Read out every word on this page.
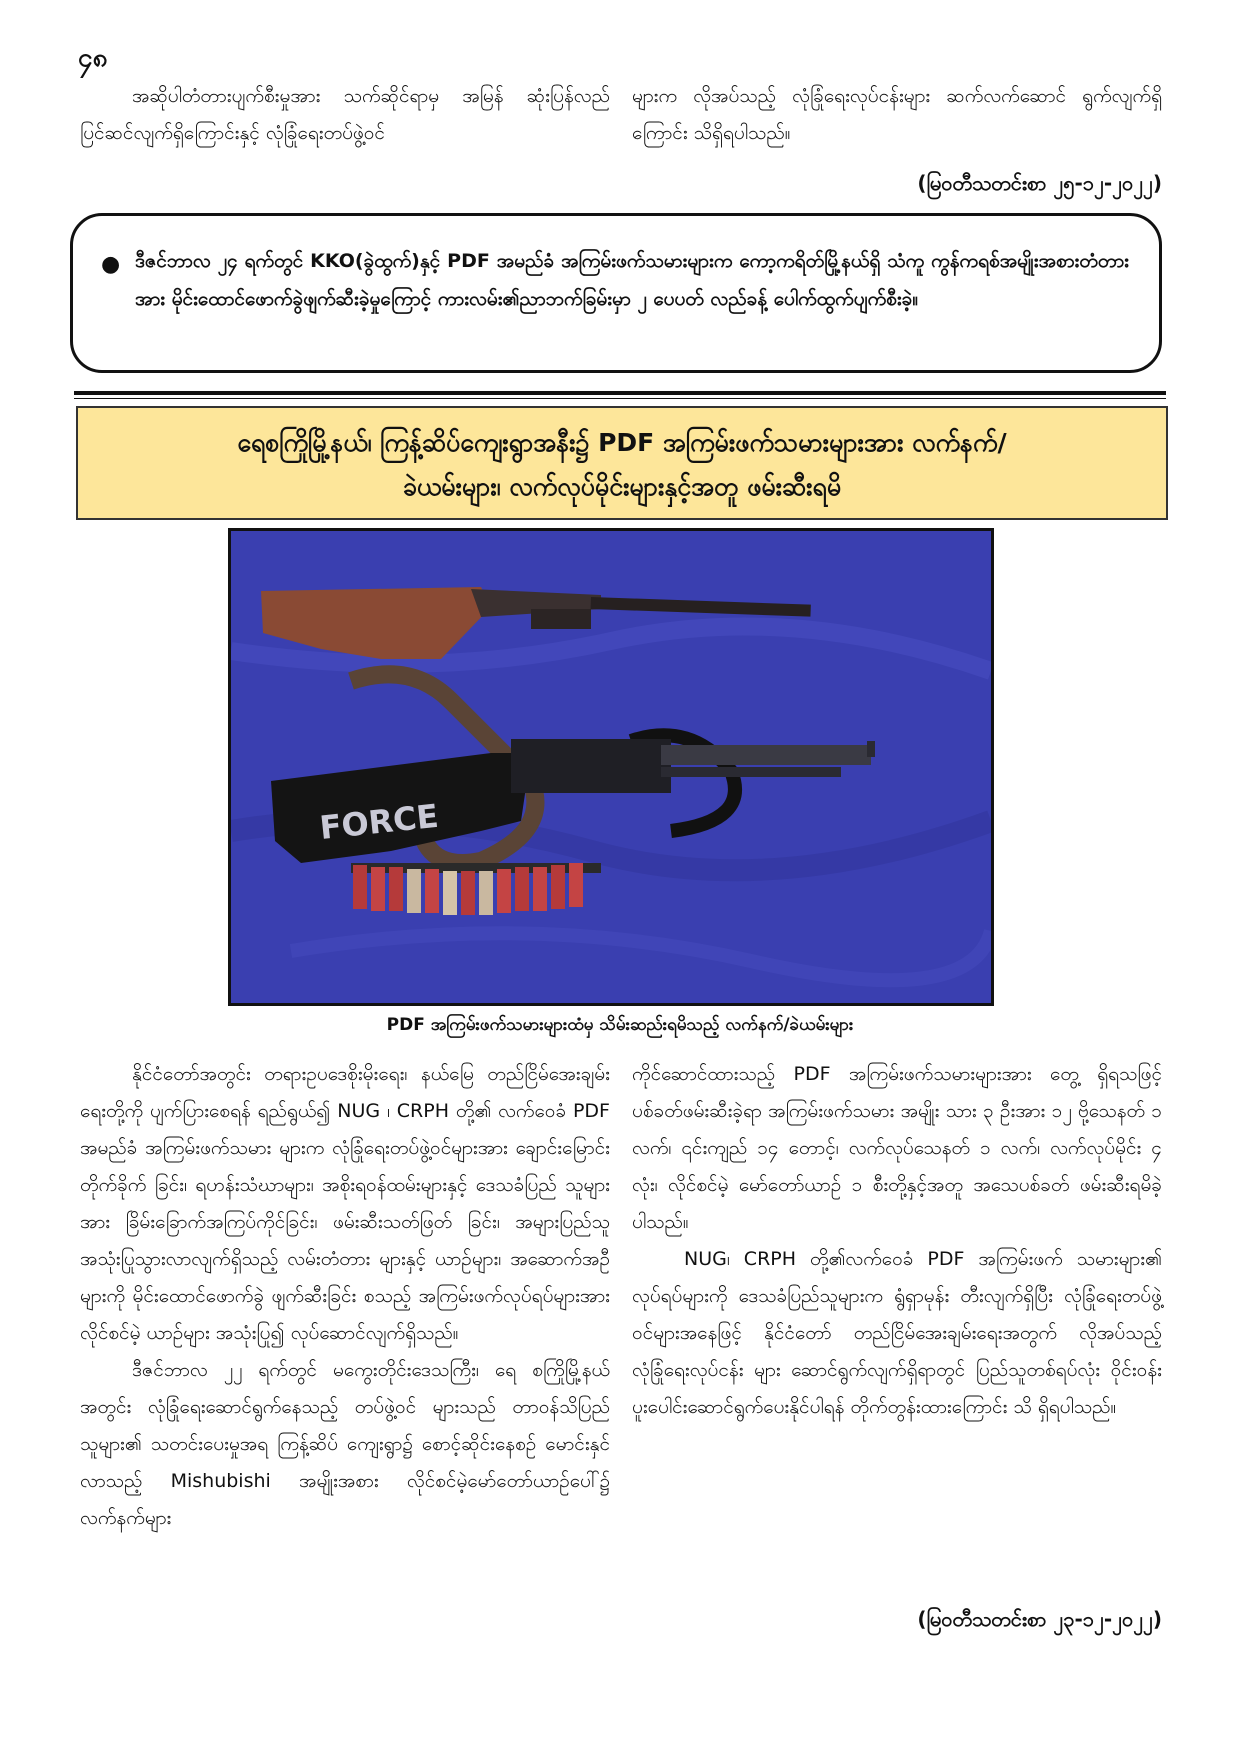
၄၈

အဆိုပါတံတားပျက်စီးမှုအား သက်ဆိုင်ရာမှ အမြန် ဆုံးပြန်လည်ပြင်ဆင်လျက်ရှိကြောင်းနှင့် လုံခြုံရေးတပ်ဖွဲ့ဝင်

များက လိုအပ်သည့် လုံခြုံရေးလုပ်ငန်းများ ဆက်လက်ဆောင် ရွက်လျက်ရှိကြောင်း သိရှိရပါသည်။

(မြဝတီသတင်းစာ ၂၅-၁၂-၂၀၂၂)
● ဒီဇင်ဘာလ ၂၄ ရက်တွင် KKO(ခွဲထွက်)နှင့် PDF အမည်ခံ အကြမ်းဖက်သမားများက ကော့ကရိတ်မြို့နယ်ရှိ သံကူ ကွန်ကရစ်အမျိုးအစားတံတားအား မိုင်းထောင်ဖောက်ခွဲဖျက်ဆီးခဲ့မှုကြောင့် ကားလမ်း၏ညာဘက်ခြမ်းမှာ ၂ ပေပတ် လည်ခန့် ပေါက်ထွက်ပျက်စီးခဲ့။
ရေစကြိုမြို့နယ်၊ ကြန့်ဆိပ်ကျေးရွာအနီး၌ PDF အကြမ်းဖက်သမားများအား လက်နက်/
ခဲယမ်းများ၊ လက်လုပ်မိုင်းများနှင့်အတူ ဖမ်းဆီးရမိ
FORCE
PDF အကြမ်းဖက်သမားများထံမှ သိမ်းဆည်းရမိသည့် လက်နက်/ခဲယမ်းများ

နိုင်ငံတော်အတွင်း တရားဥပဒေစိုးမိုးရေး၊ နယ်မြေ တည်ငြိမ်အေးချမ်းရေးတို့ကို ပျက်ပြားစေရန် ရည်ရွယ်၍ NUG ၊ CRPH တို့၏ လက်ဝေခံ PDF အမည်ခံ အကြမ်းဖက်သမား များက လုံခြုံရေးတပ်ဖွဲ့ဝင်များအား ချောင်းမြောင်းတိုက်ခိုက် ခြင်း၊ ရဟန်းသံဃာများ၊ အစိုးရဝန်ထမ်းများနှင့် ဒေသခံပြည် သူများအား ခြိမ်းခြောက်အကြပ်ကိုင်ခြင်း၊ ဖမ်းဆီးသတ်ဖြတ် ခြင်း၊ အများပြည်သူအသုံးပြုသွားလာလျက်ရှိသည့် လမ်းတံတား များနှင့် ယာဉ်များ၊ အဆောက်အဦများကို မိုင်းထောင်ဖောက်ခွဲ ဖျက်ဆီးခြင်း စသည့် အကြမ်းဖက်လုပ်ရပ်များအား လိုင်စင်မဲ့ ယာဉ်များ အသုံးပြု၍ လုပ်ဆောင်လျက်ရှိသည်။

ဒီဇင်ဘာလ ၂၂ ရက်တွင် မကွေးတိုင်းဒေသကြီး၊ ရေ စကြိုမြို့နယ်အတွင်း လုံခြုံရေးဆောင်ရွက်နေသည့် တပ်ဖွဲ့ဝင် များသည် တာဝန်သိပြည်သူများ၏ သတင်းပေးမှုအရ ကြန့်ဆိပ် ကျေးရွာ၌ စောင့်ဆိုင်းနေစဉ် မောင်းနှင်လာသည့် Mishubishi အမျိုးအစား လိုင်စင်မဲ့မော်တော်ယာဉ်ပေါ်၌ လက်နက်များ

ကိုင်ဆောင်ထားသည့် PDF အကြမ်းဖက်သမားများအား တွေ့ ရှိရသဖြင့် ပစ်ခတ်ဖမ်းဆီးခဲ့ရာ အကြမ်းဖက်သမား အမျိုး သား ၃ ဦးအား ၁၂ ဗို့သေနတ် ၁ လက်၊ ၎င်းကျည် ၁၄ တောင့်၊ လက်လုပ်သေနတ် ၁ လက်၊ လက်လုပ်မိုင်း ၄ လုံး၊ လိုင်စင်မဲ့ မော်တော်ယာဉ် ၁ စီးတို့နှင့်အတူ အသေပစ်ခတ် ဖမ်းဆီးရမိခဲ့ ပါသည်။

NUG၊ CRPH တို့၏လက်ဝေခံ PDF အကြမ်းဖက် သမားများ၏ လုပ်ရပ်များကို ဒေသခံပြည်သူများက ရွံရှာမုန်း တီးလျက်ရှိပြီး လုံခြုံရေးတပ်ဖွဲ့ဝင်များအနေဖြင့် နိုင်ငံတော် တည်ငြိမ်အေးချမ်းရေးအတွက် လိုအပ်သည့်လုံခြုံရေးလုပ်ငန်း များ ဆောင်ရွက်လျက်ရှိရာတွင် ပြည်သူတစ်ရပ်လုံး ဝိုင်းဝန်း ပူးပေါင်းဆောင်ရွက်ပေးနိုင်ပါရန် တိုက်တွန်းထားကြောင်း သိ ရှိရပါသည်။

(မြဝတီသတင်းစာ ၂၃-၁၂-၂၀၂၂)
